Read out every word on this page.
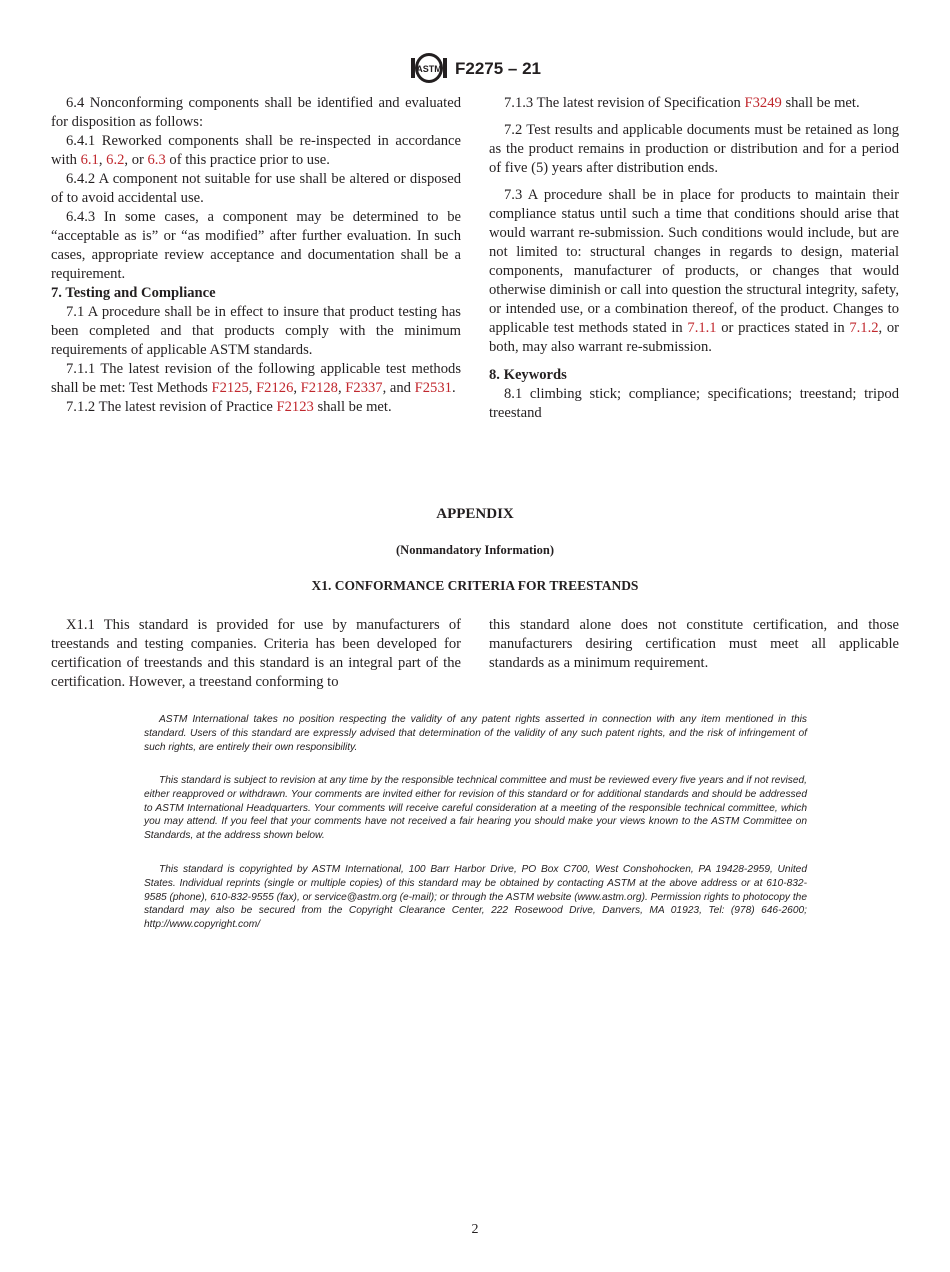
ASTM F2275 – 21

6.4 Nonconforming components shall be identified and evaluated for disposition as follows:

6.4.1 Reworked components shall be re-inspected in accordance with 6.1, 6.2, or 6.3 of this practice prior to use.

6.4.2 A component not suitable for use shall be altered or disposed of to avoid accidental use.

6.4.3 In some cases, a component may be determined to be “acceptable as is” or “as modified” after further evaluation. In such cases, appropriate review acceptance and documentation shall be a requirement.

7. Testing and Compliance

7.1 A procedure shall be in effect to insure that product testing has been completed and that products comply with the minimum requirements of applicable ASTM standards.

7.1.1 The latest revision of the following applicable test methods shall be met: Test Methods F2125, F2126, F2128, F2337, and F2531.

7.1.2 The latest revision of Practice F2123 shall be met.

7.1.3 The latest revision of Specification F3249 shall be met.

7.2 Test results and applicable documents must be retained as long as the product remains in production or distribution and for a period of five (5) years after distribution ends.

7.3 A procedure shall be in place for products to maintain their compliance status until such a time that conditions should arise that would warrant re-submission. Such conditions would include, but are not limited to: structural changes in regards to design, material components, manufacturer of products, or changes that would otherwise diminish or call into question the structural integrity, safety, or intended use, or a combination thereof, of the product. Changes to applicable test methods stated in 7.1.1 or practices stated in 7.1.2, or both, may also warrant re-submission.

8. Keywords

8.1 climbing stick; compliance; specifications; treestand; tripod treestand

APPENDIX
(Nonmandatory Information)
X1. CONFORMANCE CRITERIA FOR TREESTANDS
X1.1 This standard is provided for use by manufacturers of treestands and testing companies. Criteria has been developed for certification of treestands and this standard is an integral part of the certification. However, a treestand conforming to
this standard alone does not constitute certification, and those manufacturers desiring certification must meet all applicable standards as a minimum requirement.

ASTM International takes no position respecting the validity of any patent rights asserted in connection with any item mentioned in this standard. Users of this standard are expressly advised that determination of the validity of any such patent rights, and the risk of infringement of such rights, are entirely their own responsibility.

This standard is subject to revision at any time by the responsible technical committee and must be reviewed every five years and if not revised, either reapproved or withdrawn. Your comments are invited either for revision of this standard or for additional standards and should be addressed to ASTM International Headquarters. Your comments will receive careful consideration at a meeting of the responsible technical committee, which you may attend. If you feel that your comments have not received a fair hearing you should make your views known to the ASTM Committee on Standards, at the address shown below.

This standard is copyrighted by ASTM International, 100 Barr Harbor Drive, PO Box C700, West Conshohocken, PA 19428-2959, United States. Individual reprints (single or multiple copies) of this standard may be obtained by contacting ASTM at the above address or at 610-832-9585 (phone), 610-832-9555 (fax), or service@astm.org (e-mail); or through the ASTM website (www.astm.org). Permission rights to photocopy the standard may also be secured from the Copyright Clearance Center, 222 Rosewood Drive, Danvers, MA 01923, Tel: (978) 646-2600; http://www.copyright.com/

2
